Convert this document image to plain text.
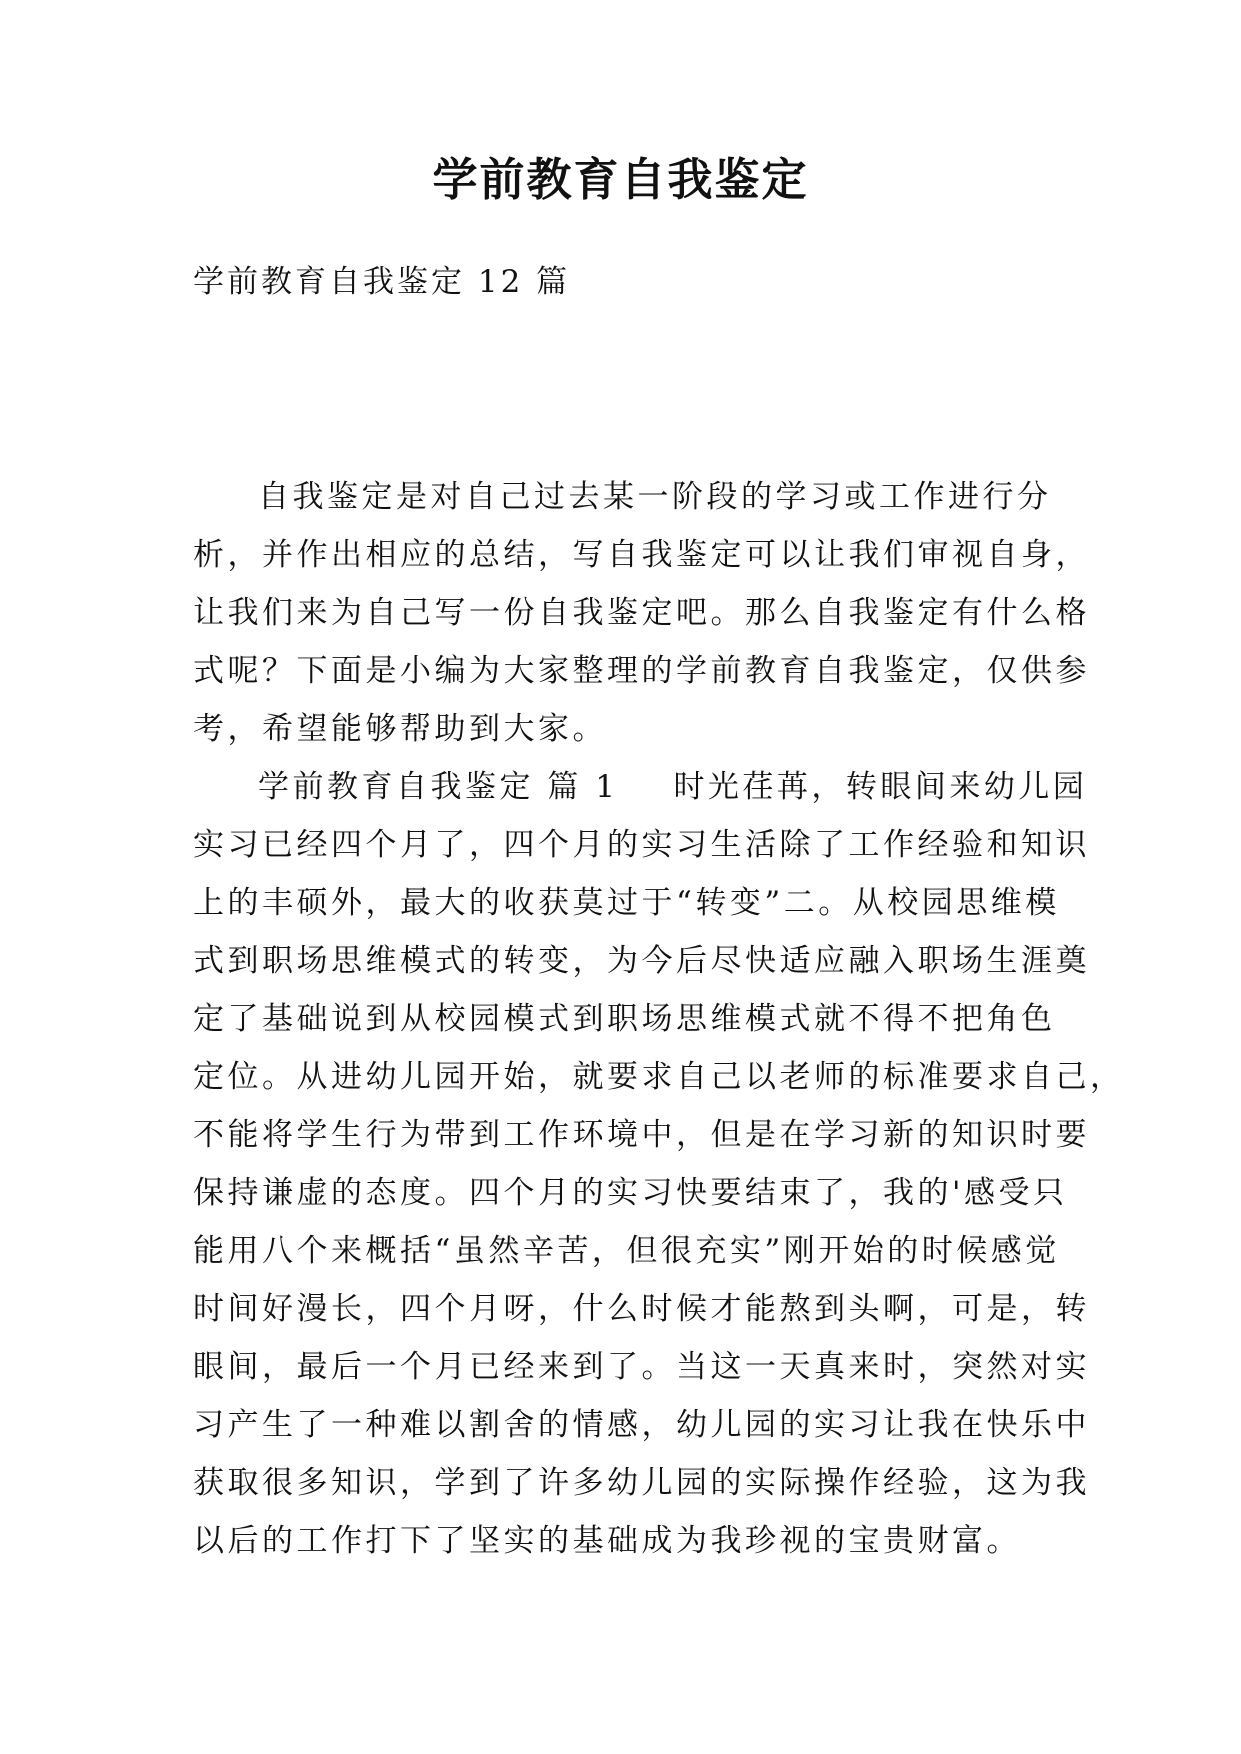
学前教育自我鉴定

学前教育自我鉴定 12 篇

自我鉴定是对自己过去某一阶段的学习或工作进行分
析，并作出相应的总结，写自我鉴定可以让我们审视自身，
让我们来为自己写一份自我鉴定吧。那么自我鉴定有什么格
式呢？下面是小编为大家整理的学前教育自我鉴定，仅供参
考，希望能够帮助到大家。
学前教育自我鉴定 篇 1 时光荏苒，转眼间来幼儿园
实习已经四个月了，四个月的实习生活除了工作经验和知识
上的丰硕外，最大的收获莫过于“转变”二。从校园思维模
式到职场思维模式的转变，为今后尽快适应融入职场生涯奠
定了基础说到从校园模式到职场思维模式就不得不把角色
定位。从进幼儿园开始，就要求自己以老师的标准要求自己，
不能将学生行为带到工作环境中，但是在学习新的知识时要
保持谦虚的态度。四个月的实习快要结束了，我的'感受只
能用八个来概括“虽然辛苦，但很充实”刚开始的时候感觉
时间好漫长，四个月呀，什么时候才能熬到头啊，可是，转
眼间，最后一个月已经来到了。当这一天真来时，突然对实
习产生了一种难以割舍的情感，幼儿园的实习让我在快乐中
获取很多知识，学到了许多幼儿园的实际操作经验，这为我
以后的工作打下了坚实的基础成为我珍视的宝贵财富。
